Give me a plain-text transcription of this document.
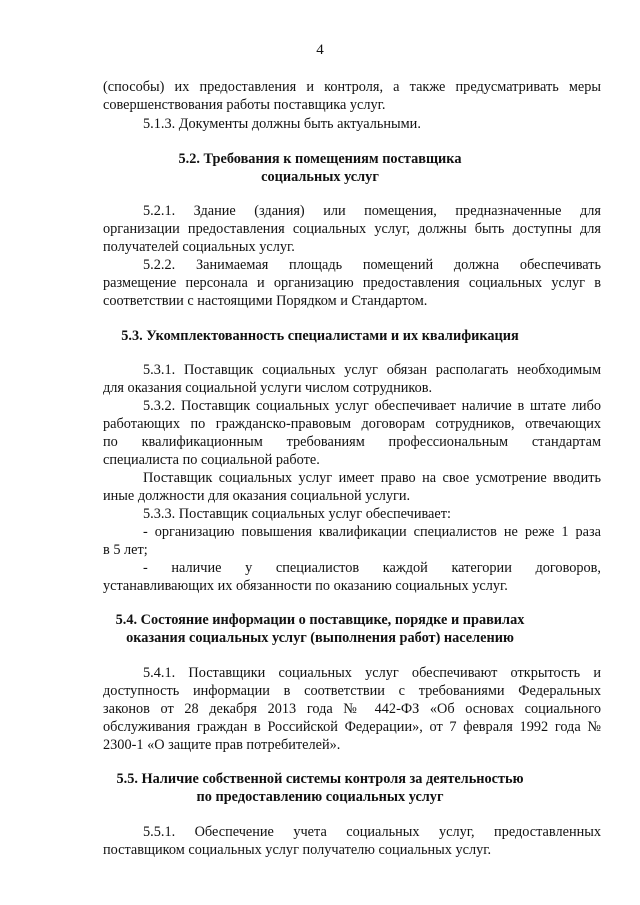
4
(способы) их предоставления и контроля, а также предусматривать меры
совершенствования работы поставщика услуг.
5.1.3. Документы должны быть актуальными.
5.2. Требования к помещениям поставщика
социальных услуг
5.2.1. Здание (здания) или помещения, предназначенные для
организации предоставления социальных услуг, должны быть доступны для
получателей социальных услуг.
5.2.2. Занимаемая площадь помещений должна обеспечивать
размещение персонала и организацию предоставления социальных услуг в
соответствии с настоящими Порядком и Стандартом.
5.3. Укомплектованность специалистами и их квалификация
5.3.1. Поставщик социальных услуг обязан располагать необходимым
для оказания социальной услуги числом сотрудников.
5.3.2. Поставщик социальных услуг обеспечивает наличие в штате либо
работающих по гражданско-правовым договорам сотрудников, отвечающих
по квалификационным требованиям профессиональным стандартам
специалиста по социальной работе.
Поставщик социальных услуг имеет право на свое усмотрение вводить
иные должности для оказания социальной услуги.
5.3.3. Поставщик социальных услуг обеспечивает:
- организацию повышения квалификации специалистов не реже 1 раза
в 5 лет;
- наличие у специалистов каждой категории договоров,
устанавливающих их обязанности по оказанию социальных услуг.
5.4. Состояние информации о поставщике, порядке и правилах
оказания социальных услуг (выполнения работ) населению
5.4.1. Поставщики социальных услуг обеспечивают открытость и
доступность информации в соответствии с требованиями Федеральных
законов от 28 декабря 2013 года № 442-ФЗ «Об основах социального
обслуживания граждан в Российской Федерации», от 7 февраля 1992 года №
2300-1 «О защите прав потребителей».
5.5. Наличие собственной системы контроля за деятельностью
по предоставлению социальных услуг
5.5.1. Обеспечение учета социальных услуг, предоставленных
поставщиком социальных услуг получателю социальных услуг.
